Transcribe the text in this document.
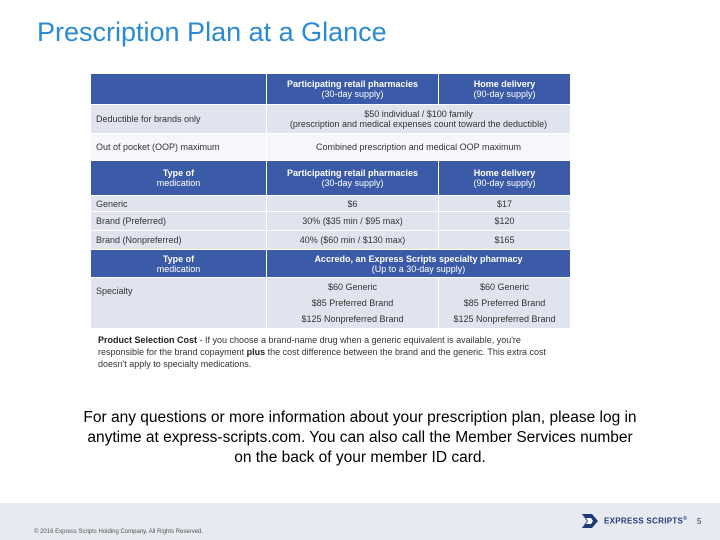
Prescription Plan at a Glance
	Participating retail pharmacies
(30-day supply)	Home delivery
(90-day supply)

Deductible for brands only	$50 individual / $100 family
(prescription and medical expenses count toward the deductible)	

Out of pocket (OOP) maximum	Combined prescription and medical OOP maximum	
Type of
medication	Participating retail pharmacies
(30-day supply)	Home delivery
(90-day supply)

Generic	$6	$17
Brand (Preferred)	30% ($35 min / $95 max)	$120
Brand (Nonpreferred)	40% ($60 min / $130 max)	$165
Type of
medication	Accredo, an Express Scripts specialty pharmacy
(Up to a 30-day supply)	

Specialty	$60 Generic
$85 Preferred Brand
$125 Nonpreferred Brand	$60 Generic
$85 Preferred Brand
$125 Nonpreferred Brand
Product Selection Cost - If you choose a brand-name drug when a generic equivalent is available, you're responsible for the brand copayment plus the cost difference between the brand and the generic. This extra cost doesn't apply to specialty medications.
For any questions or more information about your prescription plan, please log in anytime at express-scripts.com. You can also call the Member Services number on the back of your member ID card.
© 2016 Express Scripts Holding Company. All Rights Reserved.
EXPRESS SCRIPTS® 5
